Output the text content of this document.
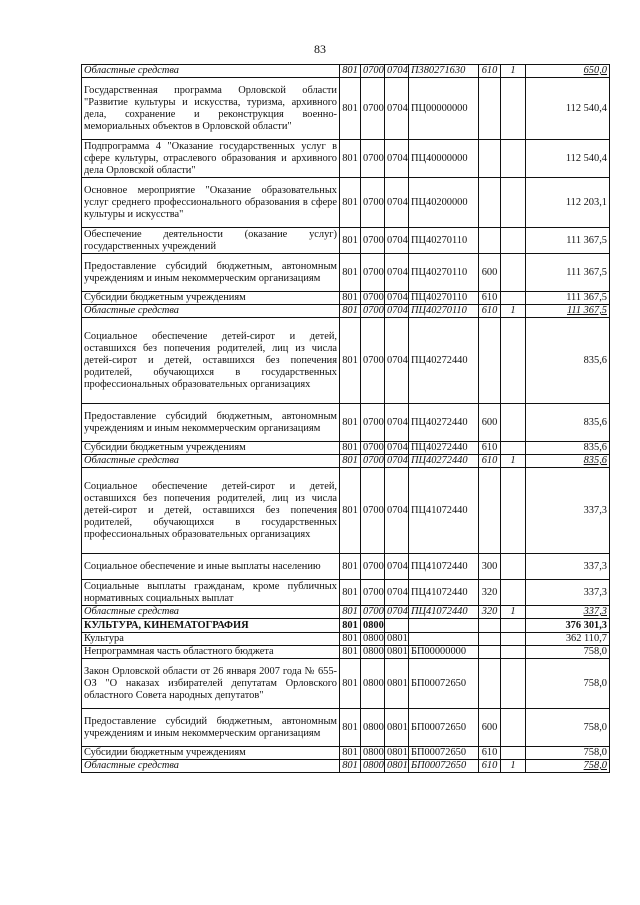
83
Областные средства	801	0700	0704	П380271630	610	1	650,0
Государственная программа Орловской области "Развитие культуры и искусства, туризма, архивного дела, сохранение и реконструкция военно-мемориальных объектов в Орловской области"	801	0700	0704	ПЦ00000000			112 540,4
Подпрограмма 4 "Оказание государственных услуг в сфере культуры, отраслевого образования и архивного дела Орловской области"	801	0700	0704	ПЦ40000000			112 540,4
Основное мероприятие "Оказание образовательных услуг среднего профессионального образования в сфере культуры и искусства"	801	0700	0704	ПЦ40200000			112 203,1
Обеспечение деятельности (оказание услуг) государственных учреждений	801	0700	0704	ПЦ40270110			111 367,5
Предоставление субсидий бюджетным, автономным учреждениям и иным некоммерческим организациям	801	0700	0704	ПЦ40270110	600		111 367,5
Субсидии бюджетным учреждениям	801	0700	0704	ПЦ40270110	610		111 367,5
Областные средства	801	0700	0704	ПЦ40270110	610	1	111 367,5
Социальное обеспечение детей-сирот и детей, оставшихся без попечения родителей, лиц из числа детей-сирот и детей, оставшихся без попечения родителей, обучающихся в государственных профессиональных образовательных организациях	801	0700	0704	ПЦ40272440			835,6
Предоставление субсидий бюджетным, автономным учреждениям и иным некоммерческим организациям	801	0700	0704	ПЦ40272440	600		835,6
Субсидии бюджетным учреждениям	801	0700	0704	ПЦ40272440	610		835,6
Областные средства	801	0700	0704	ПЦ40272440	610	1	835,6
Социальное обеспечение детей-сирот и детей, оставшихся без попечения родителей, лиц из числа детей-сирот и детей, оставшихся без попечения родителей, обучающихся в государственных профессиональных образовательных организациях	801	0700	0704	ПЦ41072440			337,3
Социальное обеспечение и иные выплаты населению	801	0700	0704	ПЦ41072440	300		337,3
Социальные выплаты гражданам, кроме публичных нормативных социальных выплат	801	0700	0704	ПЦ41072440	320		337,3
Областные средства	801	0700	0704	ПЦ41072440	320	1	337,3
КУЛЬТУРА, КИНЕМАТОГРАФИЯ	801	0800					376 301,3
Культура	801	0800	0801				362 110,7
Непрограммная часть областного бюджета	801	0800	0801	БП00000000			758,0
Закон Орловской области от 26 января 2007 года № 655-ОЗ "О наказах избирателей депутатам Орловского областного Совета народных депутатов"	801	0800	0801	БП00072650			758,0
Предоставление субсидий бюджетным, автономным учреждениям и иным некоммерческим организациям	801	0800	0801	БП00072650	600		758,0
Субсидии бюджетным учреждениям	801	0800	0801	БП00072650	610		758,0
Областные средства	801	0800	0801	БП00072650	610	1	758,0
